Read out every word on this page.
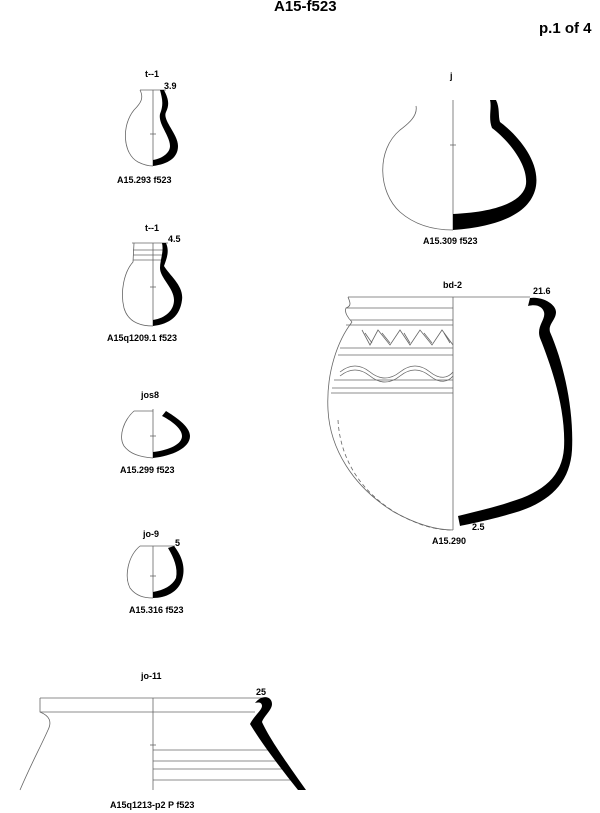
A15-f523
p.1 of 4
t--1
3.9
A15.293 f523
t--1
4.5
A15q1209.1 f523
jos8
A15.299 f523
jo-9
5
A15.316 f523
jo-11
25
A15q1213-p2 P f523
j
A15.309 f523
bd-2
21.6
2.5
A15.290
